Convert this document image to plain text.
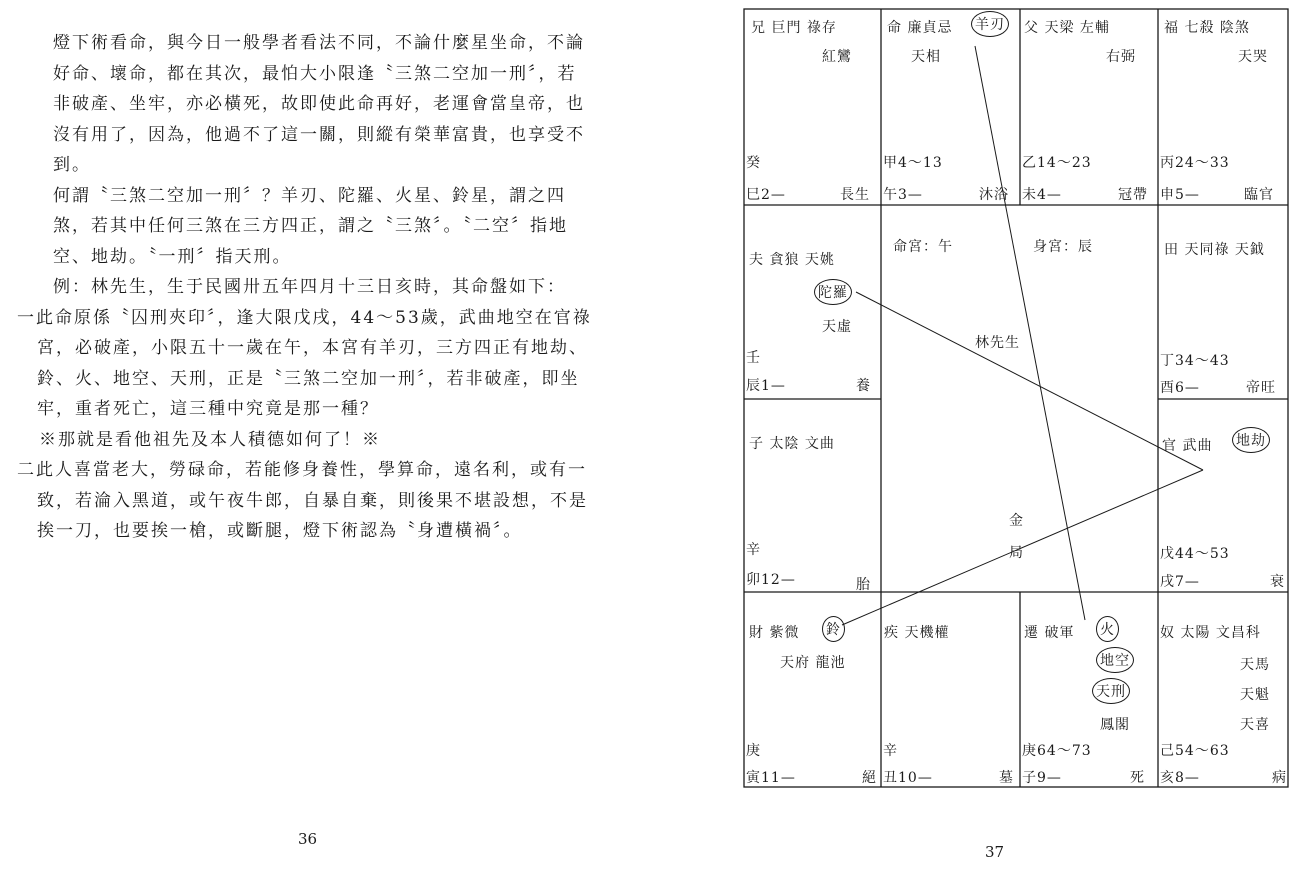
燈下術看命，與今日一般學者看法不同，不論什麼星坐命，不論好命、壞命，都在其次，最怕大小限逢〝三煞二空加一刑〞，若非破產、坐牢，亦必橫死，故即使此命再好，老運會當皇帝，也沒有用了，因為，他過不了這一關，則縱有榮華富貴，也享受不到。

何謂〝三煞二空加一刑〞？羊刃、陀羅、火星、鈴星，謂之四煞，若其中任何三煞在三方四正，謂之〝三煞〞。〝二空〞指地空、地劫。〝一刑〞指天刑。

例：林先生，生于民國卅五年四月十三日亥時，其命盤如下：

一此命原係〝囚刑夾印〞，逢大限戊戌，44～53歲，武曲地空在官祿宮，必破產，小限五十一歲在午，本宮有羊刃，三方四正有地劫、鈴、火、地空、天刑，正是〝三煞二空加一刑〞，若非破產，即坐牢，重者死亡，這三種中究竟是那一種？

※那就是看他祖先及本人積德如何了！※

二此人喜當老大，勞碌命，若能修身養性，學算命，遠名利，或有一致，若淪入黑道，或午夜牛郎，自暴自棄，則後果不堪設想，不是挨一刀，也要挨一槍，或斷腿，燈下術認為〝身遭橫禍〞。

36
兄 巨門 祿存
紅鸞
癸
巳2—	長生
命 廉貞忌 羊刃
天相
甲4～13
午3—	沐浴
父 天梁 左輔
右弼
乙14～23
未4—	冠帶
福 七殺 陰煞
天哭
丙24～33
申5—	臨官
夫 貪狼 天姚
陀羅
天虛
壬
辰1—	養
田 天同祿 天鉞
丁34～43
酉6—	帝旺
子 太陰 文曲
辛
卯12—	胎
官 武曲 地劫
戊44～53
戌7—	衰
財 紫微 鈴
天府 龍池
庚
寅11—	絕
疾 天機權
辛
丑10—	墓
遷 破軍 火
地空
天刑
鳳閣
庚64～73
子9—	死
奴 太陽 文昌科
天馬
天魁
天喜
己54～63
亥8—	病
命宮：午	身宮：辰
林先生
金
局
37
